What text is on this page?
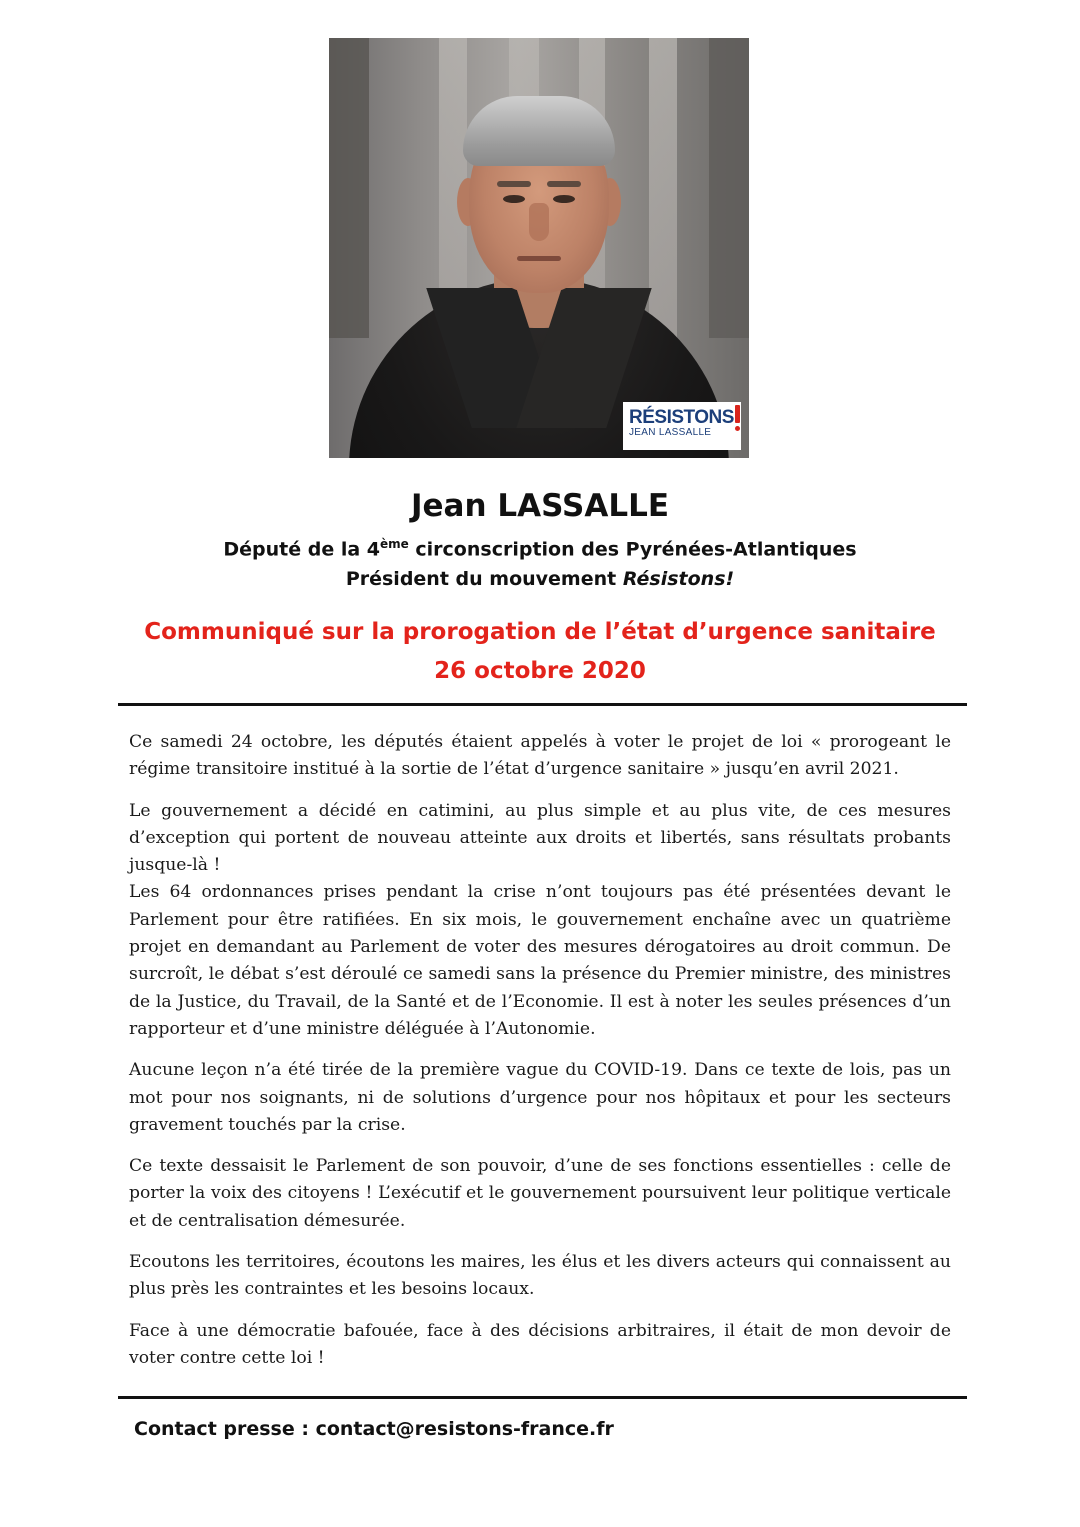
RÉSISTONS
JEAN LASSALLE
Jean LASSALLE
Député de la 4ème circonscription des Pyrénées-Atlantiques
Président du mouvement Résistons!
Communiqué sur la prorogation de l’état d’urgence sanitaire
26 octobre 2020

Ce samedi 24 octobre, les députés étaient appelés à voter le projet de loi « prorogeant le régime transitoire institué à la sortie de l’état d’urgence sanitaire » jusqu’en avril 2021.

Le gouvernement a décidé en catimini, au plus simple et au plus vite, de ces mesures d’exception qui portent de nouveau atteinte aux droits et libertés, sans résultats probants jusque-là !

Les 64 ordonnances prises pendant la crise n’ont toujours pas été présentées devant le Parlement pour être ratifiées. En six mois, le gouvernement enchaîne avec un quatrième projet en demandant au Parlement de voter des mesures dérogatoires au droit commun. De surcroît, le débat s’est déroulé ce samedi sans la présence du Premier ministre, des ministres de la Justice, du Travail, de la Santé et de l’Economie. Il est à noter les seules présences d’un rapporteur et d’une ministre déléguée à l’Autonomie.

Aucune leçon n’a été tirée de la première vague du COVID-19. Dans ce texte de lois, pas un mot pour nos soignants, ni de solutions d’urgence pour nos hôpitaux et pour les secteurs gravement touchés par la crise.

Ce texte dessaisit le Parlement de son pouvoir, d’une de ses fonctions essentielles : celle de porter la voix des citoyens ! L’exécutif et le gouvernement poursuivent leur politique verticale et de centralisation démesurée.

Ecoutons les territoires, écoutons les maires, les élus et les divers acteurs qui connaissent au plus près les contraintes et les besoins locaux.

Face à une démocratie bafouée, face à des décisions arbitraires, il était de mon devoir de voter contre cette loi !

Contact presse : contact@resistons-france.fr
